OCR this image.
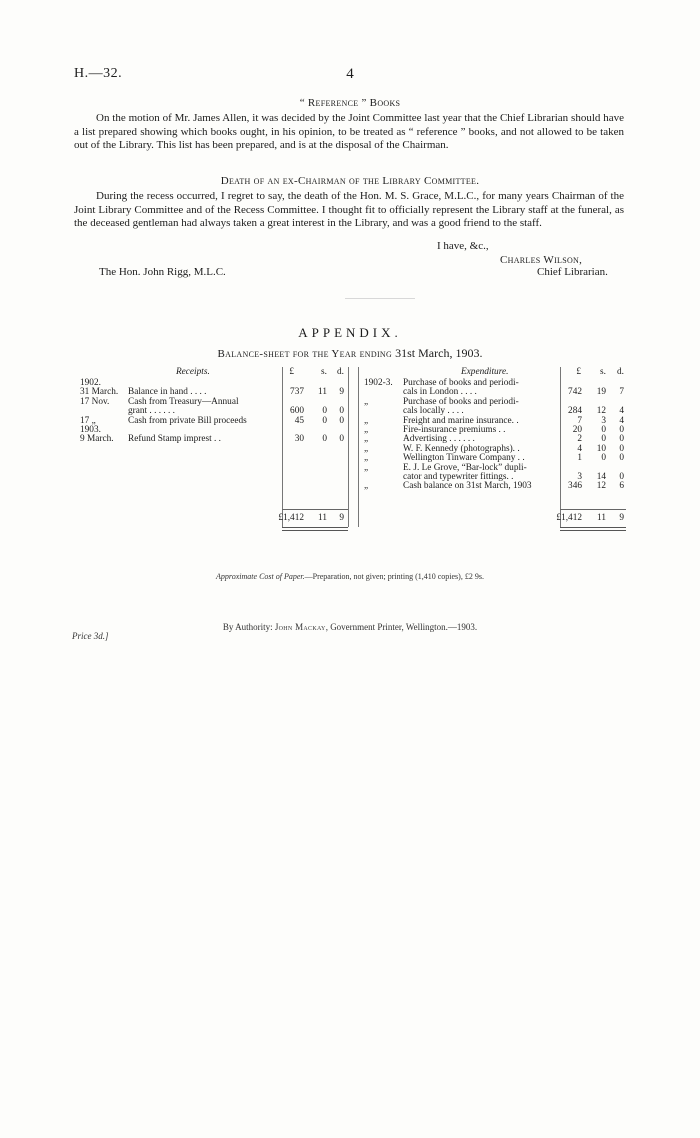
H.—32.	4
“ Reference ” Books

On the motion of Mr. James Allen, it was decided by the Joint Committee last year that the Chief Librarian should have a list prepared showing which books ought, in his opinion, to be treated as “ reference ” books, and not allowed to be taken out of the Library. This list has been prepared, and is at the disposal of the Chairman.

Death of an ex-Chairman of the Library Committee.

During the recess occurred, I regret to say, the death of the Hon. M. S. Grace, M.L.C., for many years Chairman of the Joint Library Committee and of the Recess Committee. I thought fit to officially represent the Library staff at the funeral, as the deceased gentleman had always taken a great interest in the Library, and was a good friend to the staff.

I have, &c.,
Charles Wilson,
Chief Librarian.
The Hon. John Rigg, M.L.C.
APPENDIX.
Balance-sheet for the Year ending 31st March, 1903.
Receipts.	£	s.	d.	Expenditure.	£	s.	d.
1902.
31 March. Balance in hand . . . .	737	11	9
17 Nov. Cash from Treasury—Annual
grant . . . . . .	600	0	0
17 „	Cash from private Bill proceeds	45	0	0
1903.
9 March. Refund Stamp imprest . .	30	0	0
1902-3. Purchase of books and periodi-
cals in London . . . .	742	19	7
„	Purchase of books and periodi-
cals locally . . . .	284	12	4
„	Freight and marine insurance. .	7	3	4
„	Fire-insurance premiums . .	20	0	0
„	Advertising . . . . . .	2	0	0
„	W. F. Kennedy (photographs). .	4	10	0
„	Wellington Tinware Company . .	1	0	0
„	E. J. Le Grove, “Bar-lock” dupli-
cator and typewriter fittings. .	3	14	0
„	Cash balance on 31st March, 1903	346	12	6
£1,412	11	9	£1,412	11	9
Approximate Cost of Paper.—Preparation, not given; printing (1,410 copies), £2 9s.
By Authority: John Mackay, Government Printer, Wellington.—1903.
Price 3d.]
